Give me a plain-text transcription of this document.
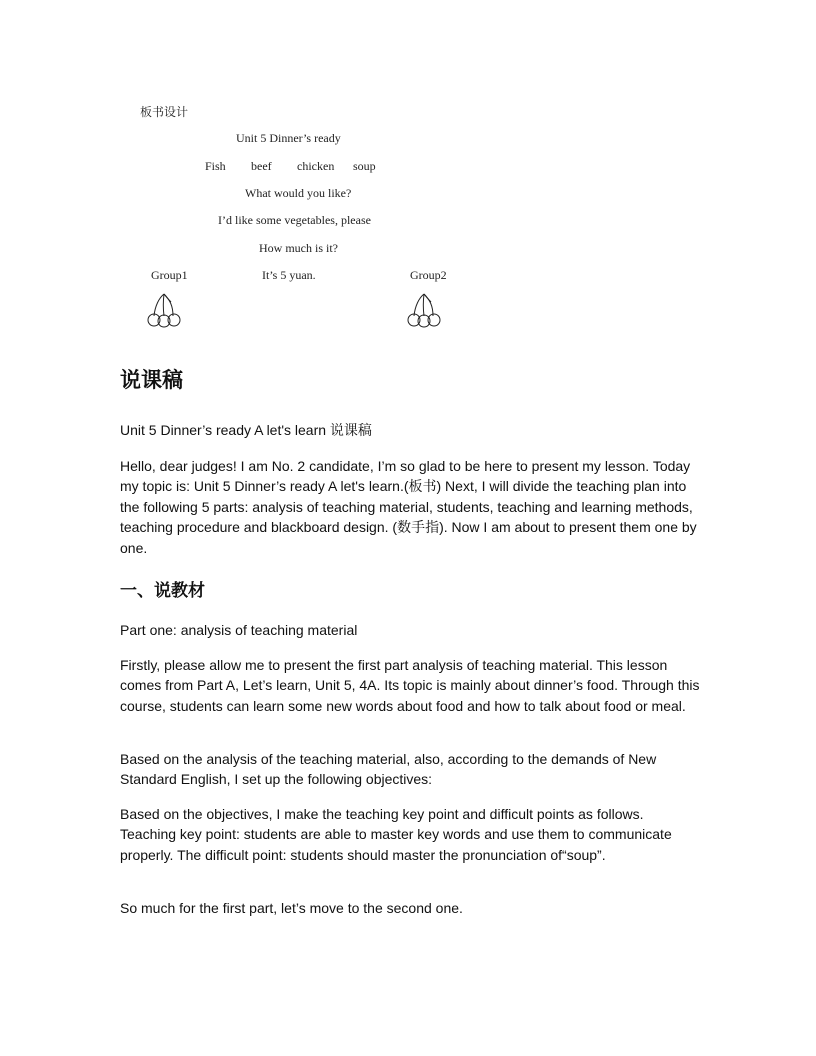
板书设计
Unit 5 Dinner’s ready
Fish beef chicken soup
What would you like?
I’d like some vegetables, please
How much is it?
Group1	It’s 5 yuan.	Group2
说课稿

Unit 5 Dinner’s ready A let's learn 说课稿

Hello, dear judges! I am No. 2 candidate, I’m so glad to be here to present my lesson. Today my topic is: Unit 5 Dinner’s ready A let's learn.(板书) Next, I will divide the teaching plan into the following 5 parts: analysis of teaching material, students, teaching and learning methods, teaching procedure and blackboard design. (数手指). Now I am about to present them one by one.

一、说教材

Part one: analysis of teaching material

Firstly, please allow me to present the first part analysis of teaching material. This lesson comes from Part A, Let’s learn, Unit 5, 4A. Its topic is mainly about dinner’s food. Through this course, students can learn some new words about food and how to talk about food or meal.

Based on the analysis of the teaching material, also, according to the demands of New Standard English, I set up the following objectives:

Based on the objectives, I make the teaching key point and difficult points as follows. Teaching key point: students are able to master key words and use them to communicate properly. The difficult point: students should master the pronunciation of“soup”.

So much for the first part, let’s move to the second one.
